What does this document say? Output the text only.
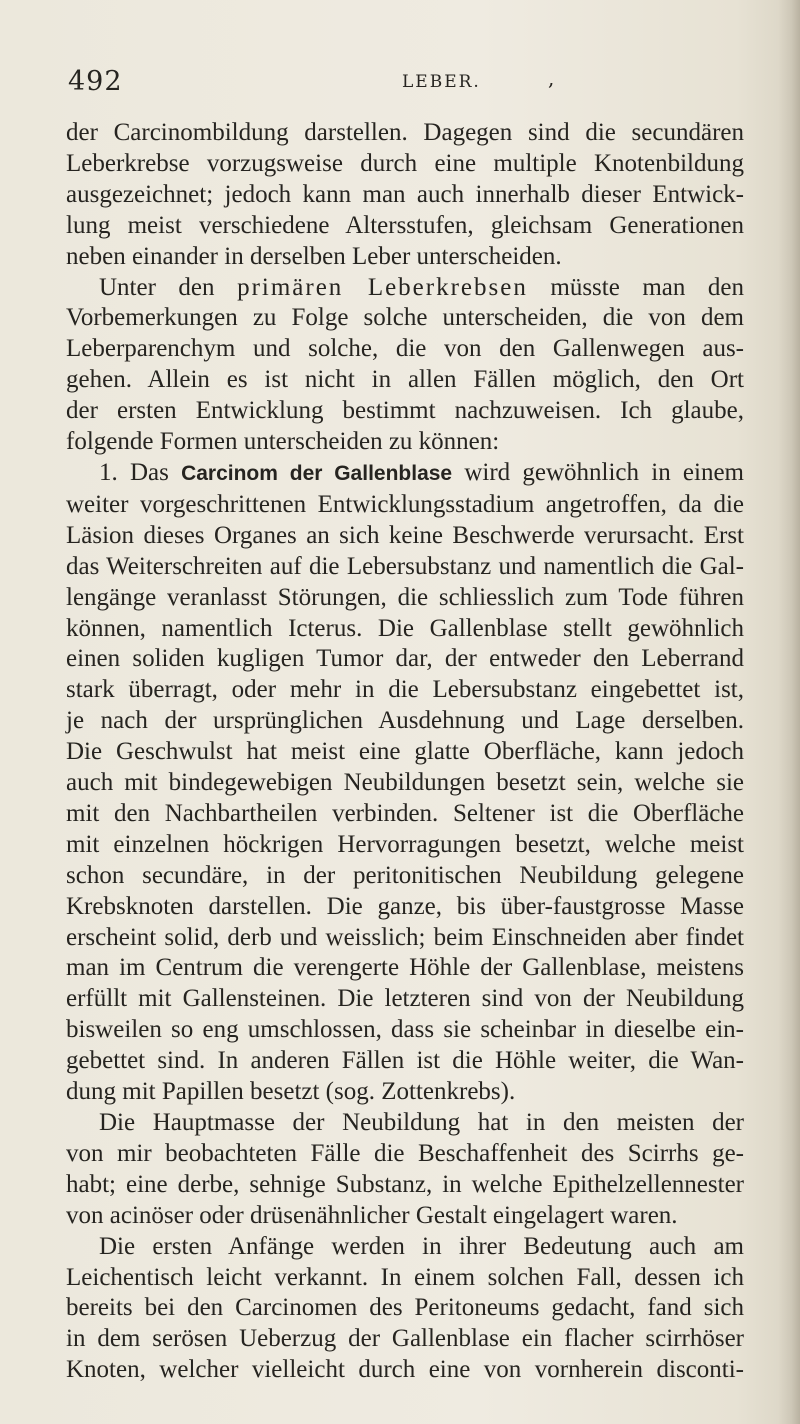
492	LEBER.	,
der Carcinombildung darstellen. Dagegen sind die secundären
Leberkrebse vorzugsweise durch eine multiple Knotenbildung
ausgezeichnet; jedoch kann man auch innerhalb dieser Entwick-
lung meist verschiedene Altersstufen, gleichsam Generationen
neben einander in derselben Leber unterscheiden.
Unter den primären Leberkrebsen müsste man den
Vorbemerkungen zu Folge solche unterscheiden, die von dem
Leberparenchym und solche, die von den Gallenwegen aus-
gehen. Allein es ist nicht in allen Fällen möglich, den Ort
der ersten Entwicklung bestimmt nachzuweisen. Ich glaube,
folgende Formen unterscheiden zu können:
1. Das Carcinom der Gallenblase wird gewöhnlich in einem
weiter vorgeschrittenen Entwicklungsstadium angetroffen, da die
Läsion dieses Organes an sich keine Beschwerde verursacht. Erst
das Weiterschreiten auf die Lebersubstanz und namentlich die Gal-
lengänge veranlasst Störungen, die schliesslich zum Tode führen
können, namentlich Icterus. Die Gallenblase stellt gewöhnlich
einen soliden kugligen Tumor dar, der entweder den Leberrand
stark überragt, oder mehr in die Lebersubstanz eingebettet ist,
je nach der ursprünglichen Ausdehnung und Lage derselben.
Die Geschwulst hat meist eine glatte Oberfläche, kann jedoch
auch mit bindegewebigen Neubildungen besetzt sein, welche sie
mit den Nachbartheilen verbinden. Seltener ist die Oberfläche
mit einzelnen höckrigen Hervorragungen besetzt, welche meist
schon secundäre, in der peritonitischen Neubildung gelegene
Krebsknoten darstellen. Die ganze, bis über-faustgrosse Masse
erscheint solid, derb und weisslich; beim Einschneiden aber findet
man im Centrum die verengerte Höhle der Gallenblase, meistens
erfüllt mit Gallensteinen. Die letzteren sind von der Neubildung
bisweilen so eng umschlossen, dass sie scheinbar in dieselbe ein-
gebettet sind. In anderen Fällen ist die Höhle weiter, die Wan-
dung mit Papillen besetzt (sog. Zottenkrebs).
Die Hauptmasse der Neubildung hat in den meisten der
von mir beobachteten Fälle die Beschaffenheit des Scirrhs ge-
habt; eine derbe, sehnige Substanz, in welche Epithelzellennester
von acinöser oder drüsenähnlicher Gestalt eingelagert waren.
Die ersten Anfänge werden in ihrer Bedeutung auch am
Leichentisch leicht verkannt. In einem solchen Fall, dessen ich
bereits bei den Carcinomen des Peritoneums gedacht, fand sich
in dem serösen Ueberzug der Gallenblase ein flacher scirrhöser
Knoten, welcher vielleicht durch eine von vornherein disconti-
